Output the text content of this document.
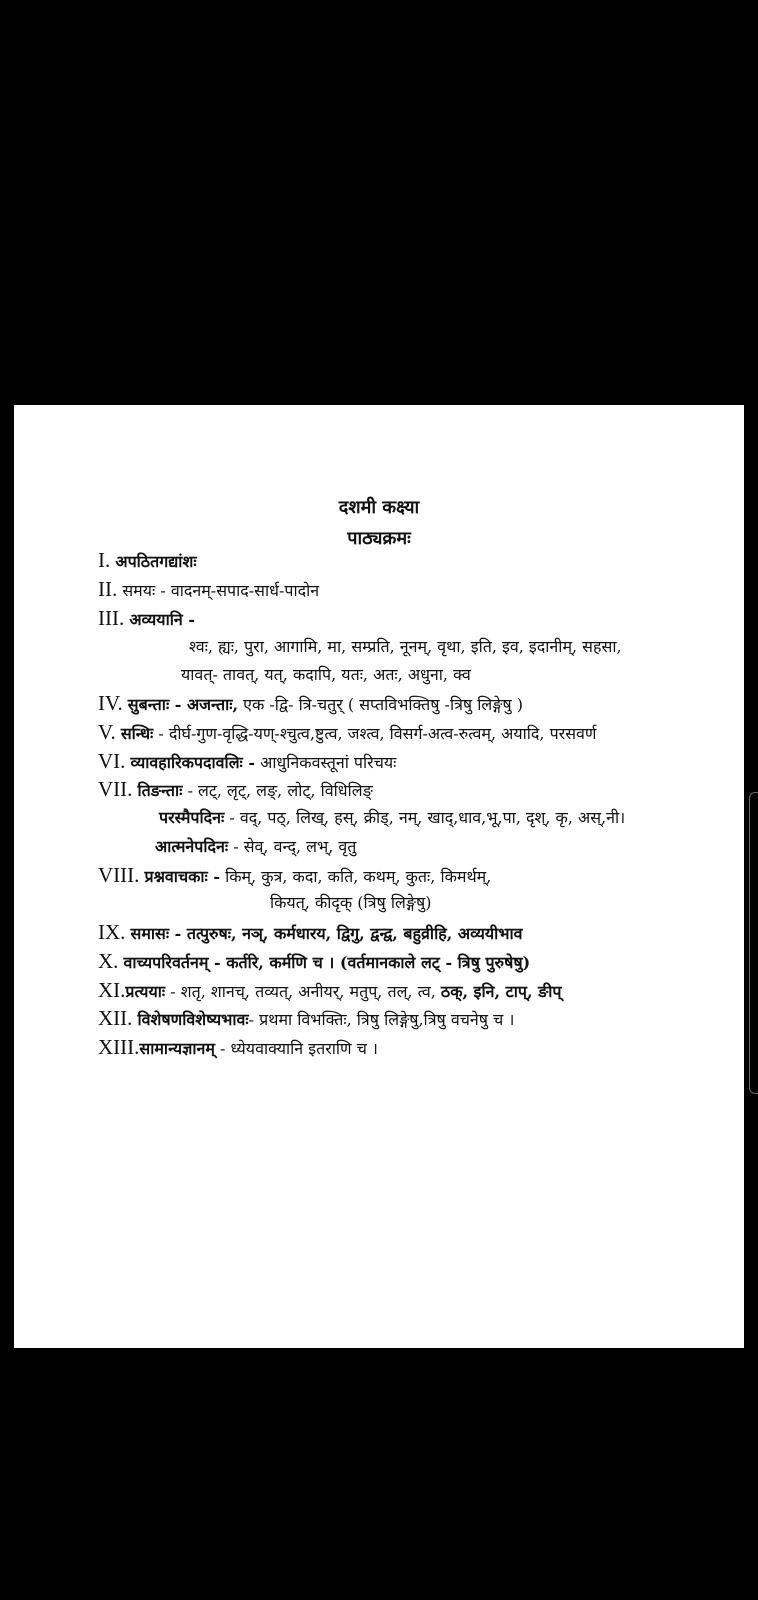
दशमी कक्ष्या
पाठ्यक्रमः
I. अपठितगद्यांशः
II. समयः - वादनम्-सपाद-सार्ध-पादोन
III. अव्ययानि -
श्वः, ह्यः, पुरा, आगामि, मा, सम्प्रति, नूनम्, वृथा, इति, इव, इदानीम्, सहसा,
यावत्- तावत्, यत्, कदापि, यतः, अतः, अधुना, क्व
IV. सुबन्ताः - अजन्ताः, एक -द्वि- त्रि-चतुर् ( सप्तविभक्तिषु -त्रिषु लिङ्गेषु )
V. सन्धिः - दीर्घ-गुण-वृद्धि-यण्-श्चुत्व,ष्टुत्व, जश्त्व, विसर्ग-अत्व-रुत्वम्, अयादि, परसवर्ण
VI. व्यावहारिकपदावलिः - आधुनिकवस्तूनां परिचयः
VII. तिङन्ताः - लट्, लृट्, लङ्, लोट्, विधिलिङ्
परस्मैपदिनः - वद्, पठ्, लिख्, हस्, क्रीड्, नम्, खाद्,धाव,भू,पा, दृश्, कृ, अस्,नी।
आत्मनेपदिनः - सेव्, वन्द्, लभ्, वृतु
VIII. प्रश्नवाचकाः - किम्, कुत्र, कदा, कति, कथम्, कुतः, किमर्थम्,
कियत्, कीदृक् (त्रिषु लिङ्गेषु)
IX. समासः - तत्पुरुषः, नञ्, कर्मधारय, द्विगु, द्वन्द्व, बहुव्रीहि, अव्ययीभाव
X. वाच्यपरिवर्तनम् - कर्तरि, कर्मणि च । (वर्तमानकाले लट् - त्रिषु पुरुषेषु)
XI.प्रत्ययाः - शतृ, शानच्, तव्यत्, अनीयर्, मतुप्, तल्, त्व, ठक्, इनि, टाप्, ङीप्
XII. विशेषणविशेष्यभावः- प्रथमा विभक्तिः, त्रिषु लिङ्गेषु,त्रिषु वचनेषु च ।
XIII.सामान्यज्ञानम् - ध्येयवाक्यानि इतराणि च ।
